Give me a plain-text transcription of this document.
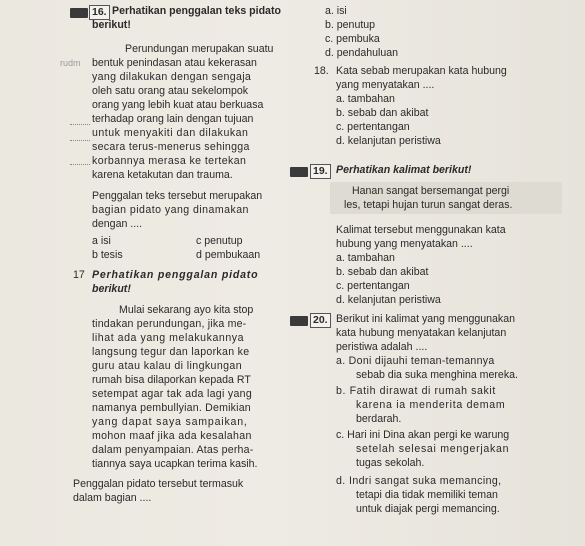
16. Perhatikan penggalan teks pidato
berikut!
Perundungan merupakan suatu
rudm bentuk penindasan atau kekerasan
yang dilakukan dengan sengaja
oleh satu orang atau sekelompok
orang yang lebih kuat atau berkuasa
terhadap orang lain dengan tujuan
untuk menyakiti dan dilakukan
secara terus-menerus sehingga
korbannya merasa ke tertekan
karena ketakutan dan trauma.
Penggalan teks tersebut merupakan
bagian pidato yang dinamakan
dengan ....
a isi	c penutup
b tesis	d pembukaan
17 Perhatikan penggalan pidato
berikut!
Mulai sekarang ayo kita stop
tindakan perundungan, jika me-
lihat ada yang melakukannya
langsung tegur dan laporkan ke
guru atau kalau di lingkungan
rumah bisa dilaporkan kepada RT
setempat agar tak ada lagi yang
namanya pembullyian. Demikian
yang dapat saya sampaikan,
mohon maaf jika ada kesalahan
dalam penyampaian. Atas perha-
tiannya saya ucapkan terima kasih.
Penggalan pidato tersebut termasuk
dalam bagian ....
a. isi
b. penutup
c. pembuka
d. pendahuluan
18. Kata sebab merupakan kata hubung
yang menyatakan ....
a. tambahan
b. sebab dan akibat
c. pertentangan
d. kelanjutan peristiwa
19. Perhatikan kalimat berikut!
Hanan sangat bersemangat pergi
les, tetapi hujan turun sangat deras.
Kalimat tersebut menggunakan kata
hubung yang menyatakan ....
a. tambahan
b. sebab dan akibat
c. pertentangan
d. kelanjutan peristiwa
20. Berikut ini kalimat yang menggunakan
kata hubung menyatakan kelanjutan
peristiwa adalah ....
a. Doni dijauhi teman-temannya
sebab dia suka menghina mereka.
b. Fatih dirawat di rumah sakit
karena ia menderita demam
berdarah.
c. Hari ini Dina akan pergi ke warung
setelah selesai mengerjakan
tugas sekolah.
d. Indri sangat suka memancing,
tetapi dia tidak memiliki teman
untuk diajak pergi memancing.
